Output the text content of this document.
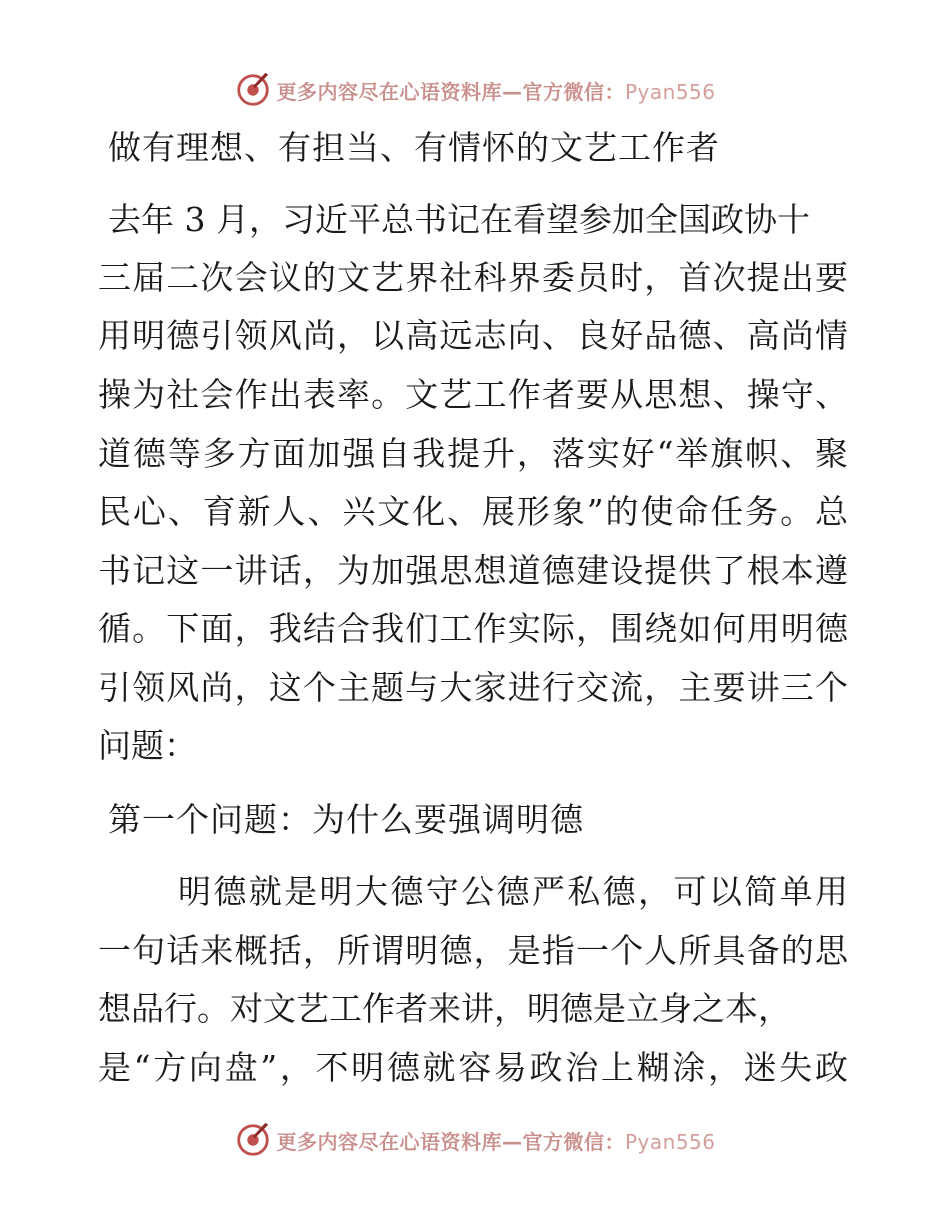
更多内容尽在心语资料库—官方微信：Pyan556
做有理想、有担当、有情怀的文艺工作者

去年 3 月，习近平总书记在看望参加全国政协十

三届二次会议的文艺界社科界委员时，首次提出要

用明德引领风尚，以高远志向、良好品德、高尚情

操为社会作出表率。文艺工作者要从思想、操守、

道德等多方面加强自我提升，落实好“举旗帜、聚

民心、育新人、兴文化、展形象”的使命任务。总

书记这一讲话，为加强思想道德建设提供了根本遵

循。下面，我结合我们工作实际，围绕如何用明德

引领风尚，这个主题与大家进行交流，主要讲三个

问题：

第一个问题：为什么要强调明德

明德就是明大德守公德严私德，可以简单用

一句话来概括，所谓明德，是指一个人所具备的思

想品行。对文艺工作者来讲，明德是立身之本，

是“方向盘”，不明德就容易政治上糊涂，迷失政

更多内容尽在心语资料库—官方微信：Pyan556
